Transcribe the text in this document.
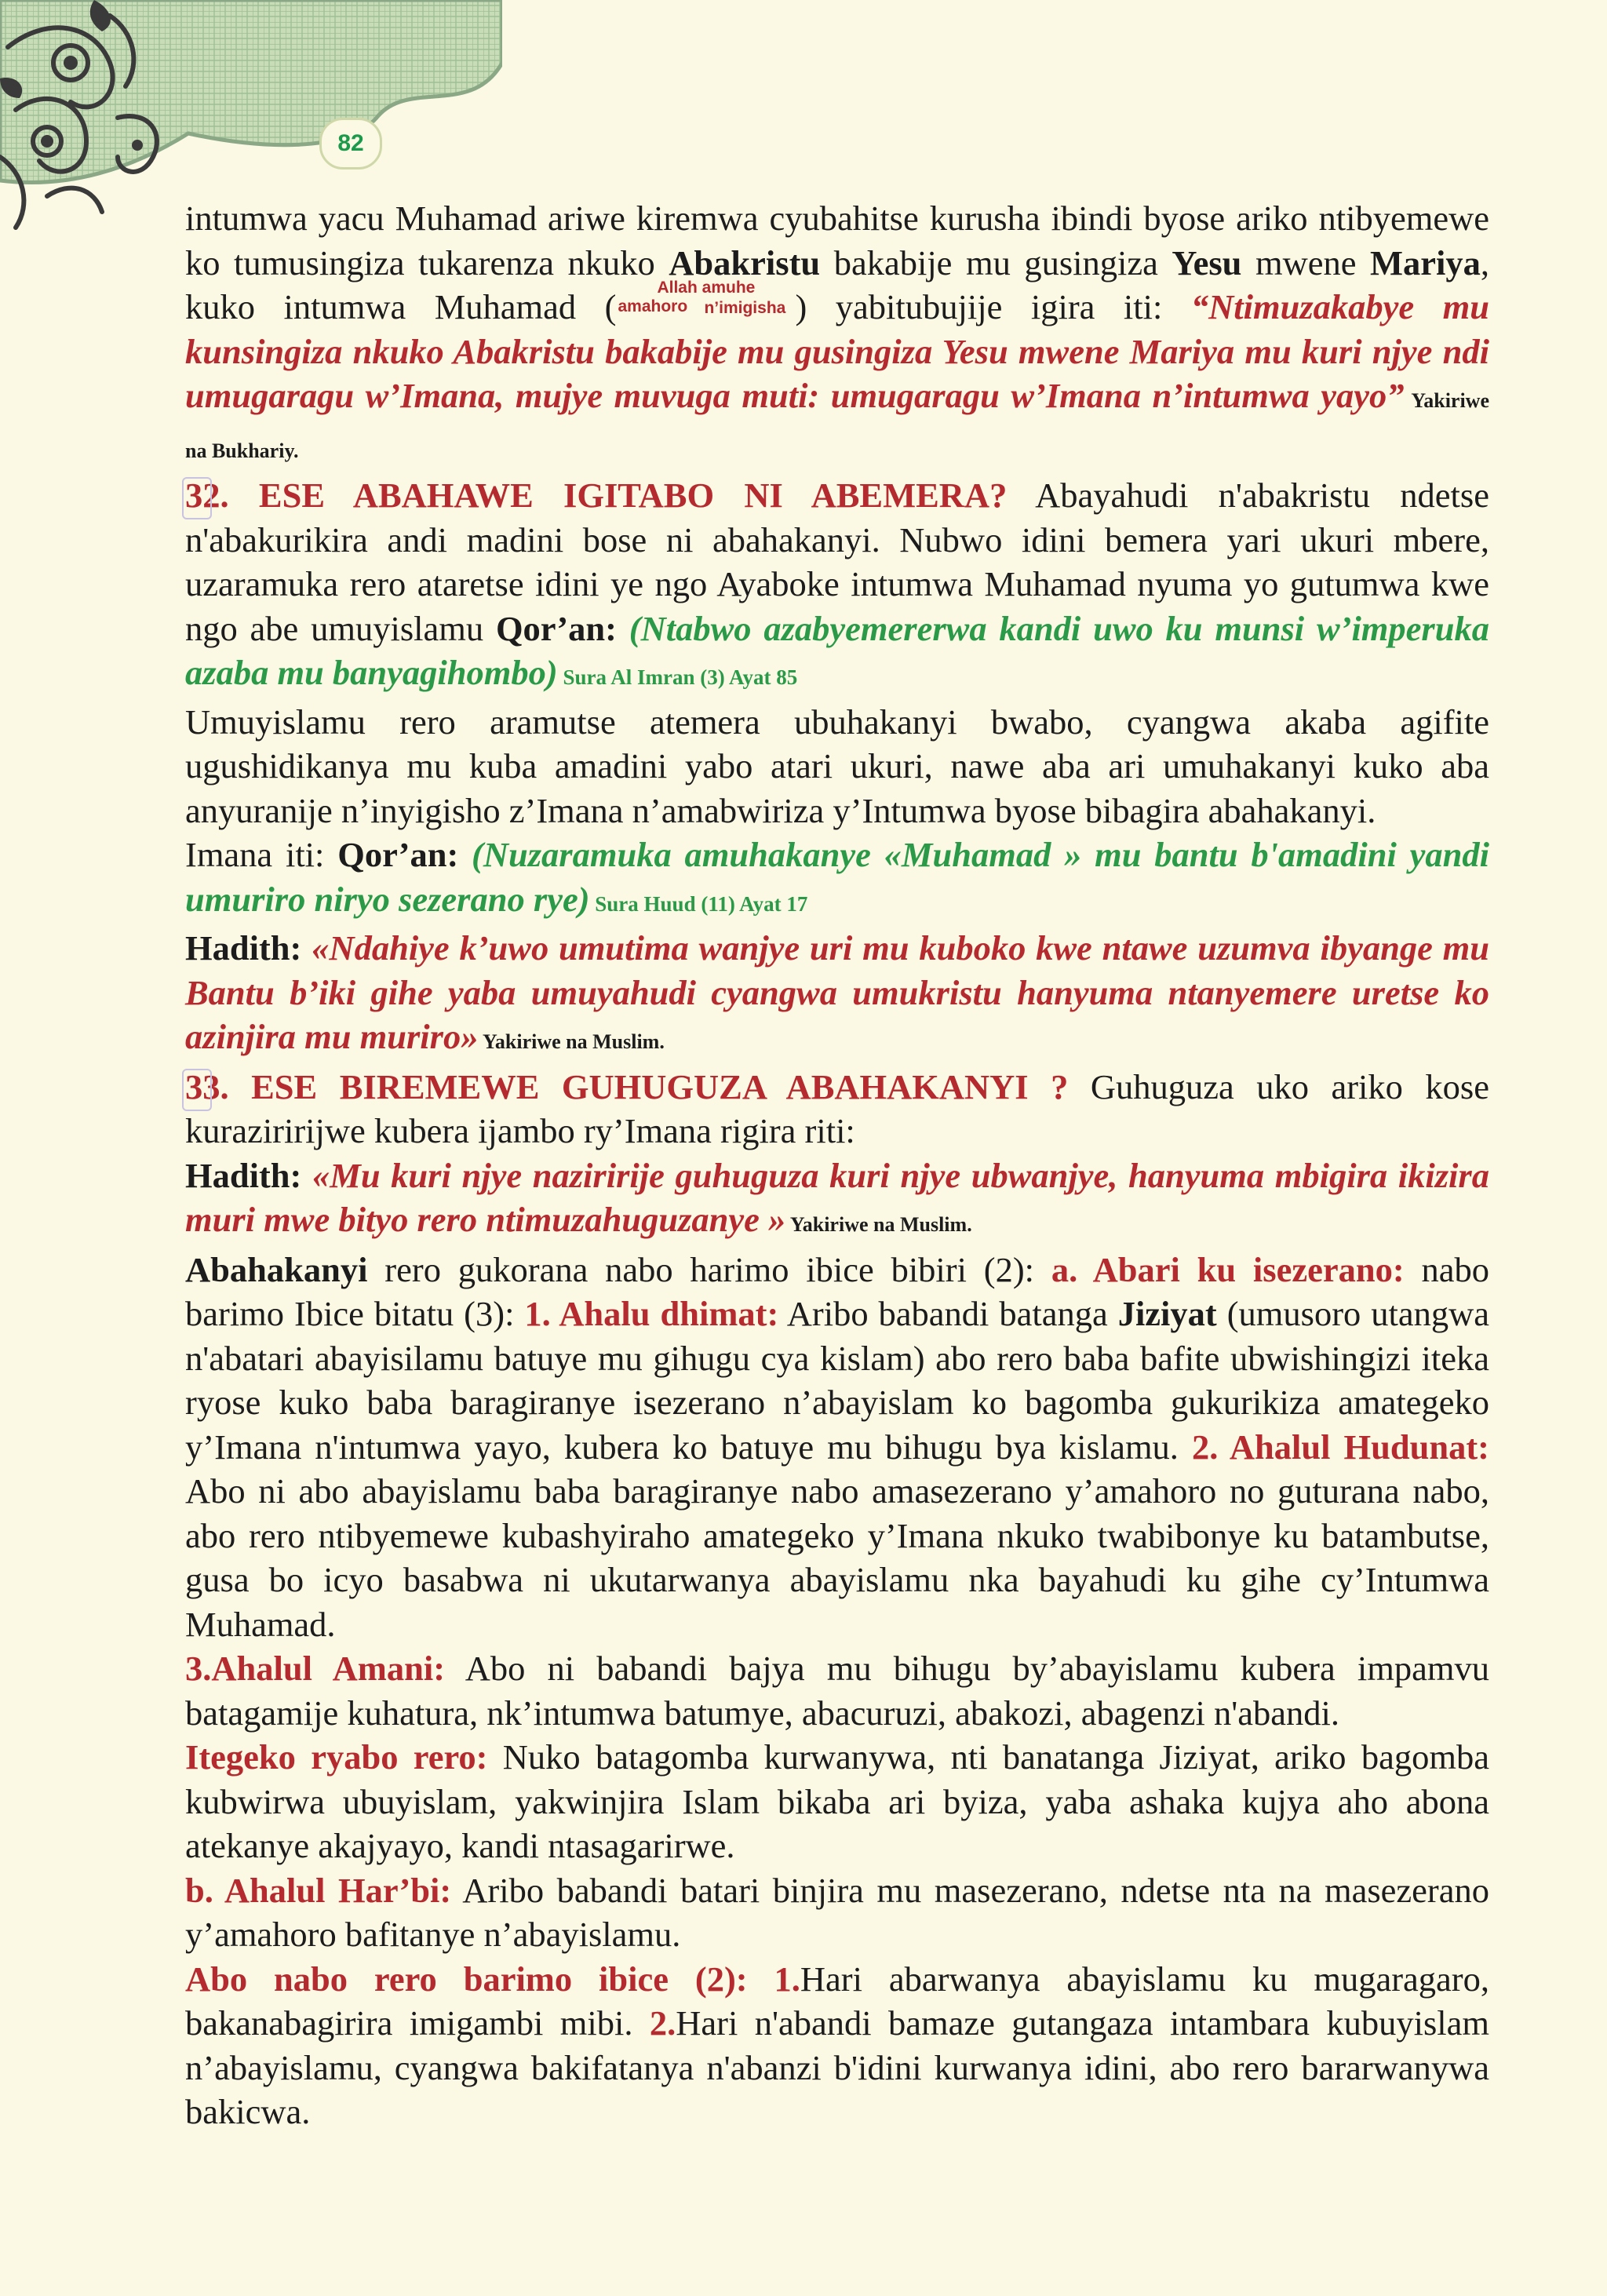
82

intumwa yacu Muhamad ariwe kiremwa cyubahitse kurusha ibindi byose ariko ntibyemewe ko tumusingiza tukarenza nkuko Abakristu bakabije mu gusingiza Yesu mwene Mariya, kuko intumwa Muhamad ( Allah amuhe
amahoro n’imigisha ) yabitubujije igira iti: “Ntimuzakabye mu kunsingiza nkuko Abakristu bakabije mu gusingiza Yesu mwene Mariya mu kuri njye ndi umugaragu w’Imana, mujye muvuga muti: umugaragu w’Imana n’intumwa yayo” Yakiriwe na Bukhariy.

32. ESE ABAHAWE IGITABO NI ABEMERA? Abayahudi n'abakristu ndetse n'abakurikira andi madini bose ni abahakanyi. Nubwo idini bemera yari ukuri mbere, uzaramuka rero ataretse idini ye ngo Ayaboke intumwa Muhamad nyuma yo gutumwa kwe ngo abe umuyislamu Qor’an: (Ntabwo azabyemererwa kandi uwo ku munsi w’imperuka azaba mu banyagihombo) Sura Al Imran (3) Ayat 85

Umuyislamu rero aramutse atemera ubuhakanyi bwabo, cyangwa akaba agifite ugushidikanya mu kuba amadini yabo atari ukuri, nawe aba ari umuhakanyi kuko aba anyuranije n’inyigisho z’Imana n’amabwiriza y’Intumwa byose bibagira abahakanyi.

Imana iti: Qor’an: (Nuzaramuka amuhakanye «Muhamad » mu bantu b'amadini yandi umuriro niryo sezerano rye) Sura Huud (11) Ayat 17

Hadith: «Ndahiye k’uwo umutima wanjye uri mu kuboko kwe ntawe uzumva ibyange mu Bantu b’iki gihe yaba umuyahudi cyangwa umukristu hanyuma ntanyemere uretse ko azinjira mu muriro» Yakiriwe na Muslim.

33. ESE BIREMEWE GUHUGUZA ABAHAKANYI ? Guhuguza uko ariko kose kuraziririjwe kubera ijambo ry’Imana rigira riti:

Hadith: «Mu kuri njye naziririje guhuguza kuri njye ubwanjye, hanyuma mbigira ikizira muri mwe bityo rero ntimuzahuguzanye » Yakiriwe na Muslim.

Abahakanyi rero gukorana nabo harimo ibice bibiri (2): a. Abari ku isezerano: nabo barimo Ibice bitatu (3): 1. Ahalu dhimat: Aribo babandi batanga Jiziyat (umusoro utangwa n'abatari abayisilamu batuye mu gihugu cya kislam) abo rero baba bafite ubwishingizi iteka ryose kuko baba baragiranye isezerano n’abayislam ko bagomba gukurikiza amategeko y’Imana n'intumwa yayo, kubera ko batuye mu bihugu bya kislamu. 2. Ahalul Hudunat: Abo ni abo abayislamu baba baragiranye nabo amasezerano y’amahoro no guturana nabo, abo rero ntibyemewe kubashyiraho amategeko y’Imana nkuko twabibonye ku batambutse, gusa bo icyo basabwa ni ukutarwanya abayislamu nka bayahudi ku gihe cy’Intumwa Muhamad.

3.Ahalul Amani: Abo ni babandi bajya mu bihugu by’abayislamu kubera impamvu batagamije kuhatura, nk’intumwa batumye, abacuruzi, abakozi, abagenzi n'abandi.

Itegeko ryabo rero: Nuko batagomba kurwanywa, nti banatanga Jiziyat, ariko bagomba kubwirwa ubuyislam, yakwinjira Islam bikaba ari byiza, yaba ashaka kujya aho abona atekanye akajyayo, kandi ntasagarirwe.

b. Ahalul Har’bi: Aribo babandi batari binjira mu masezerano, ndetse nta na masezerano y’amahoro bafitanye n’abayislamu.

Abo nabo rero barimo ibice (2): 1.Hari abarwanya abayislamu ku mugaragaro, bakanabagirira imigambi mibi. 2.Hari n'abandi bamaze gutangaza intambara kubuyislam n’abayislamu, cyangwa bakifatanya n'abanzi b'idini kurwanya idini, abo rero bararwanywa bakicwa.
